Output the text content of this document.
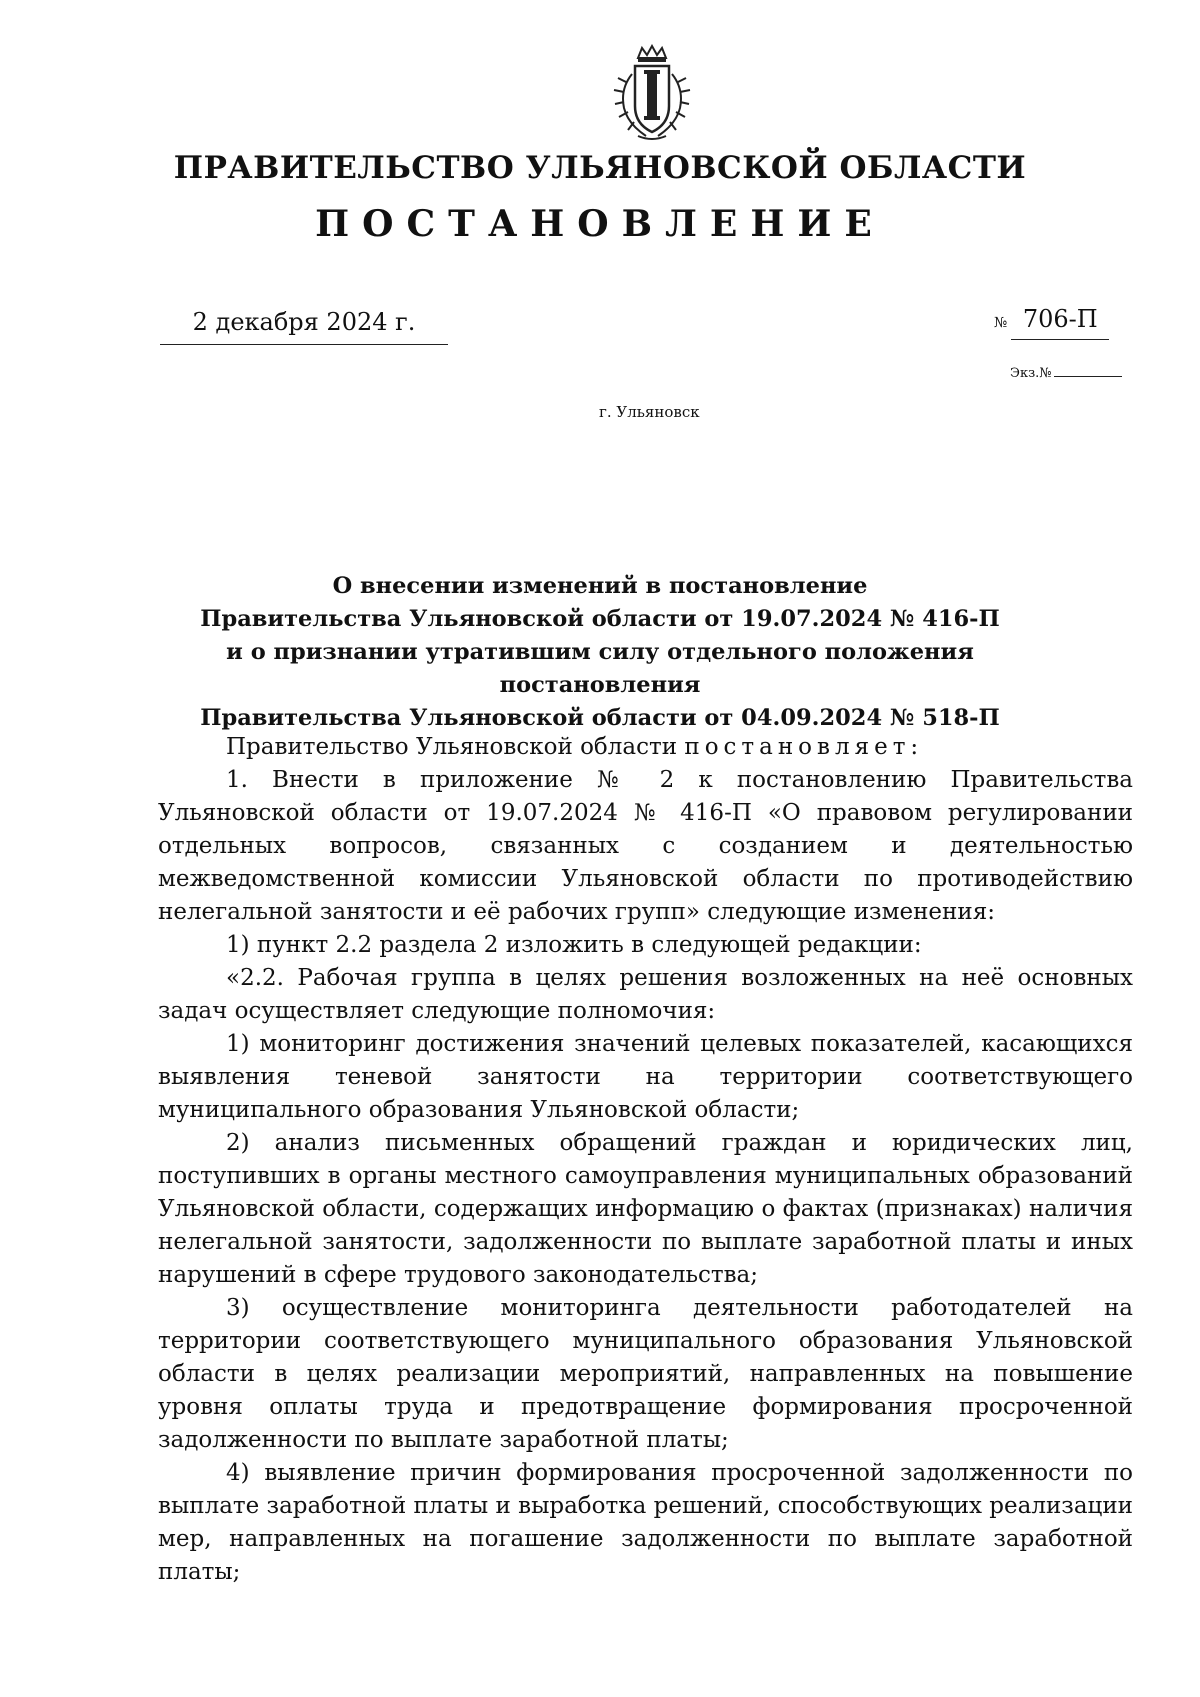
ПРАВИТЕЛЬСТВО УЛЬЯНОВСКОЙ ОБЛАСТИ
ПОСТАНОВЛЕНИЕ
2 декабря 2024 г.	№ 706-П
Экз.№
г. Ульяновск
О внесении изменений в постановление
Правительства Ульяновской области от 19.07.2024 № 416-П
и о признании утратившим силу отдельного положения постановления
Правительства Ульяновской области от 04.09.2024 № 518-П

Правительство Ульяновской области постановляет:

1. Внести в приложение № 2 к постановлению Правительства Ульяновской области от 19.07.2024 № 416-П «О правовом регулировании отдельных вопросов, связанных с созданием и деятельностью межведомственной комиссии Ульяновской области по противодействию нелегальной занятости и её рабочих групп» следующие изменения:

1) пункт 2.2 раздела 2 изложить в следующей редакции:

«2.2. Рабочая группа в целях решения возложенных на неё основных задач осуществляет следующие полномочия:

1) мониторинг достижения значений целевых показателей, касающихся выявления теневой занятости на территории соответствующего муниципального образования Ульяновской области;

2) анализ письменных обращений граждан и юридических лиц, поступивших в органы местного самоуправления муниципальных образований Ульяновской области, содержащих информацию о фактах (признаках) наличия нелегальной занятости, задолженности по выплате заработной платы и иных нарушений в сфере трудового законодательства;

3) осуществление мониторинга деятельности работодателей на территории соответствующего муниципального образования Ульяновской области в целях реализации мероприятий, направленных на повышение уровня оплаты труда и предотвращение формирования просроченной задолженности по выплате заработной платы;

4) выявление причин формирования просроченной задолженности по выплате заработной платы и выработка решений, способствующих реализации мер, направленных на погашение задолженности по выплате заработной платы;
